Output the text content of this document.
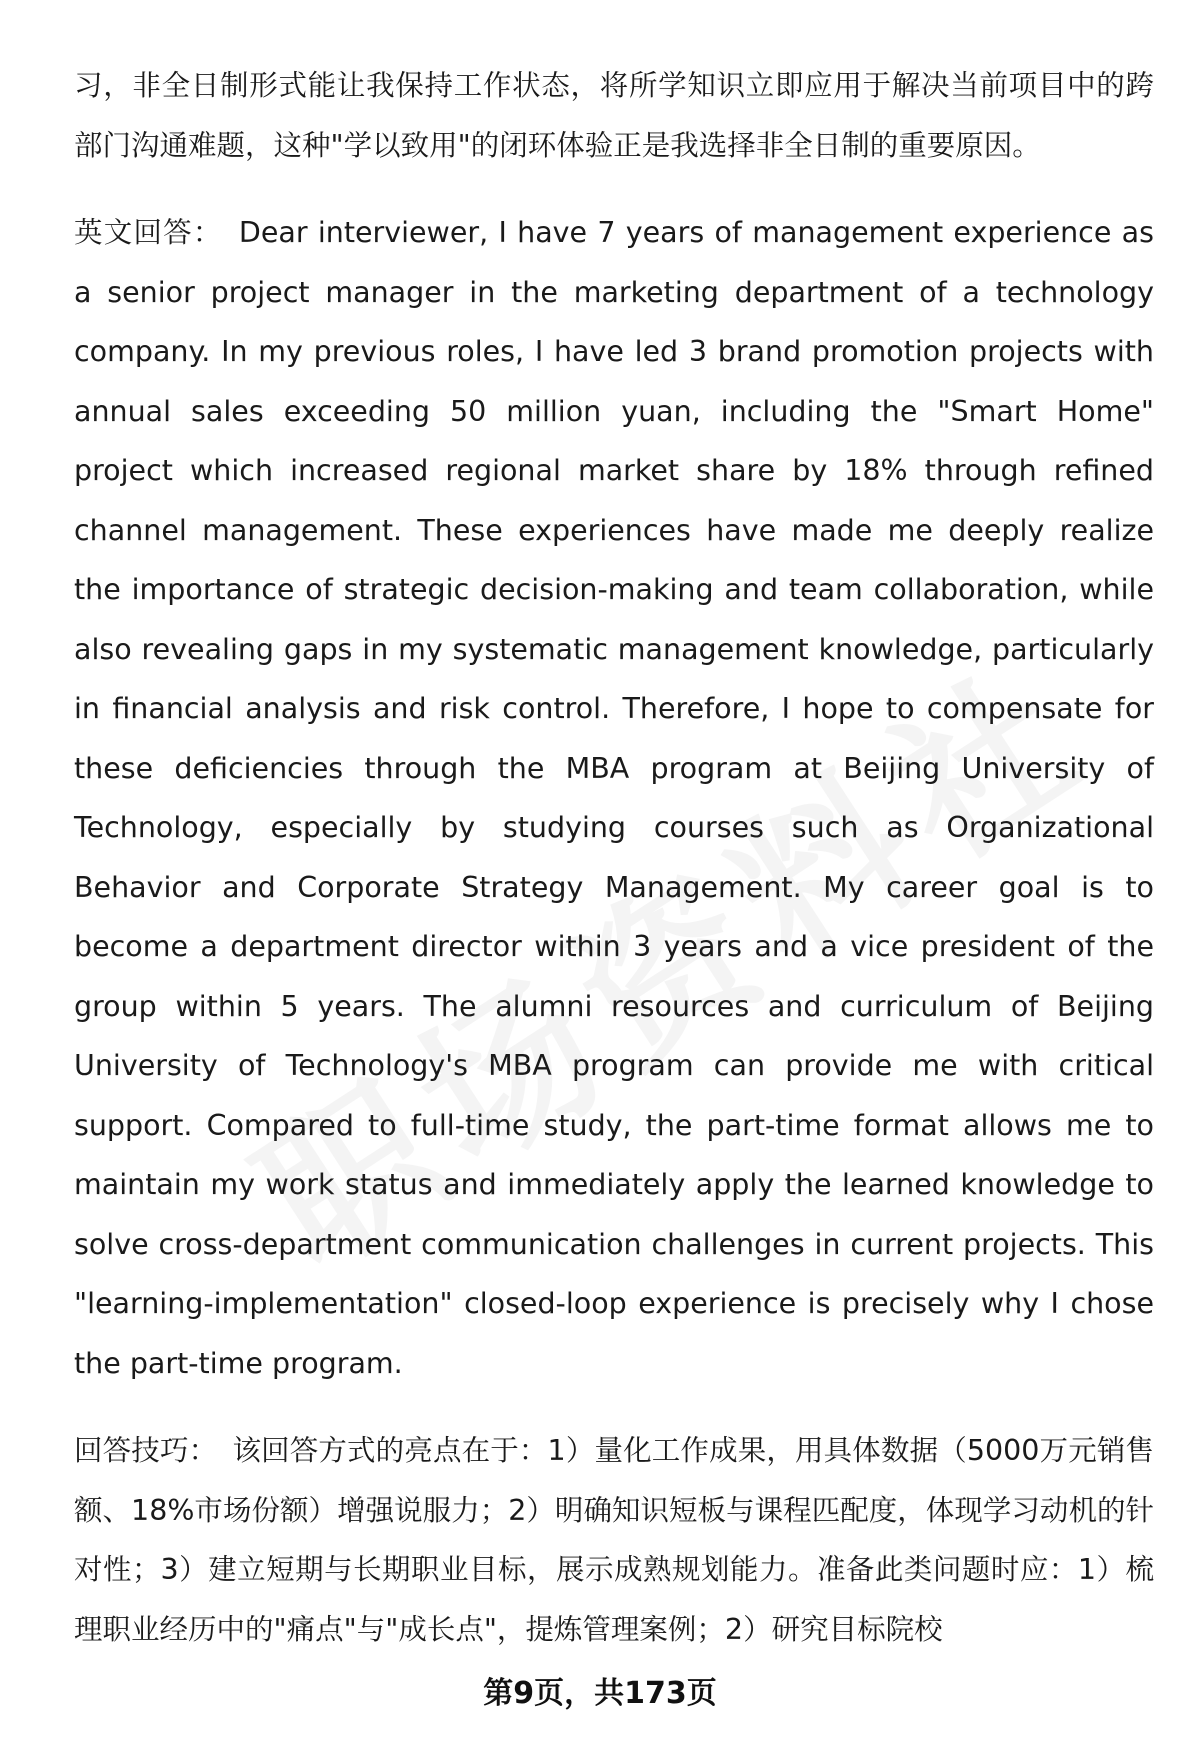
习，非全日制形式能让我保持工作状态，将所学知识立即应用于解决当前项目中的跨部门沟通难题，这种"学以致用"的闭环体验正是我选择非全日制的重要原因。

英文回答： Dear interviewer, I have 7 years of management experience as a senior project manager in the marketing department of a technology company. In my previous roles, I have led 3 brand promotion projects with annual sales exceeding 50 million yuan, including the "Smart Home" project which increased regional market share by 18% through refined channel management. These experiences have made me deeply realize the importance of strategic decision-making and team collaboration, while also revealing gaps in my systematic management knowledge, particularly in financial analysis and risk control. Therefore, I hope to compensate for these deficiencies through the MBA program at Beijing University of Technology, especially by studying courses such as Organizational Behavior and Corporate Strategy Management. My career goal is to become a department director within 3 years and a vice president of the group within 5 years. The alumni resources and curriculum of Beijing University of Technology's MBA program can provide me with critical support. Compared to full-time study, the part-time format allows me to maintain my work status and immediately apply the learned knowledge to solve cross-department communication challenges in current projects. This "learning-implementation" closed-loop experience is precisely why I chose the part-time program.

回答技巧： 该回答方式的亮点在于：1）量化工作成果，用具体数据（5000万元销售额、18%市场份额）增强说服力；2）明确知识短板与课程匹配度，体现学习动机的针对性；3）建立短期与长期职业目标，展示成熟规划能力。准备此类问题时应：1）梳理职业经历中的"痛点"与"成长点"，提炼管理案例；2）研究目标院校

第9页，共173页
